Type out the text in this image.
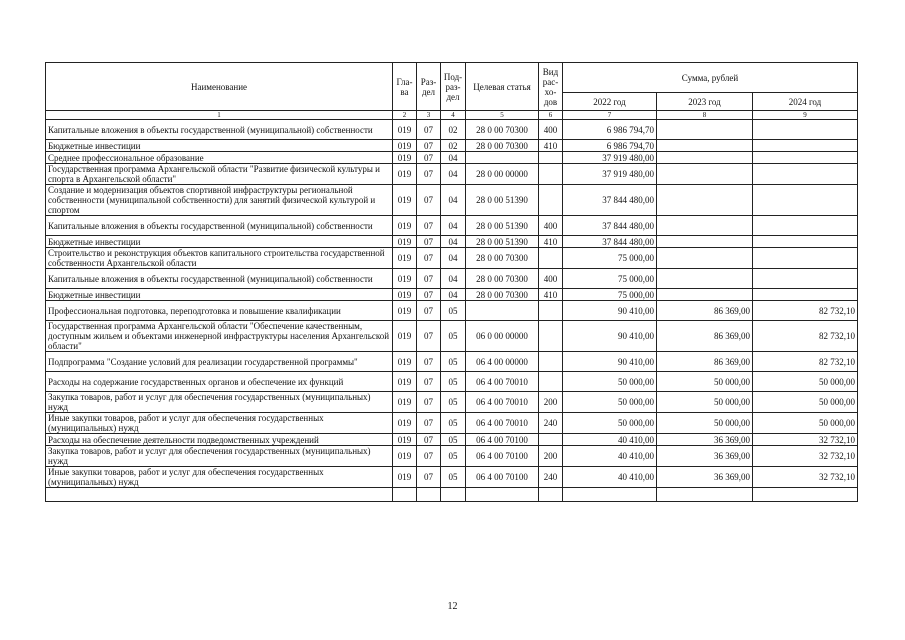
Наименование	Гла-ва	Раз-дел	Под-раз-дел	Целевая статья	Вид рас-хо-дов	Сумма, рублей		
						2022 год	2023 год	2024 год
1	2	3	4	5	6	7	8	9
Капитальные вложения в объекты государственной (муниципальной) собственности	019	07	02	28 0 00 70300	400	6 986 794,70		
Бюджетные инвестиции	019	07	02	28 0 00 70300	410	6 986 794,70		
Среднее профессиональное образование	019	07	04			37 919 480,00		
Государственная программа Архангельской области "Развитие физической культуры и спорта в Архангельской области"	019	07	04	28 0 00 00000		37 919 480,00		
Создание и модернизация объектов спортивной инфраструктуры региональной собственности (муниципальной собственности) для занятий физической культурой и спортом	019	07	04	28 0 00 51390		37 844 480,00		
Капитальные вложения в объекты государственной (муниципальной) собственности	019	07	04	28 0 00 51390	400	37 844 480,00		
Бюджетные инвестиции	019	07	04	28 0 00 51390	410	37 844 480,00		
Строительство и реконструкция объектов капитального строительства государственной собственности Архангельской области	019	07	04	28 0 00 70300		75 000,00		
Капитальные вложения в объекты государственной (муниципальной) собственности	019	07	04	28 0 00 70300	400	75 000,00		
Бюджетные инвестиции	019	07	04	28 0 00 70300	410	75 000,00		
Профессиональная подготовка, переподготовка и повышение квалификации	019	07	05			90 410,00	86 369,00	82 732,10
Государственная программа Архангельской области "Обеспечение качественным, доступным жильем и объектами инженерной инфраструктуры населения Архангельской области"	019	07	05	06 0 00 00000		90 410,00	86 369,00	82 732,10
Подпрограмма "Создание условий для реализации государственной программы"	019	07	05	06 4 00 00000		90 410,00	86 369,00	82 732,10
Расходы на содержание государственных органов и обеспечение их функций	019	07	05	06 4 00 70010		50 000,00	50 000,00	50 000,00
Закупка товаров, работ и услуг для обеспечения государственных (муниципальных) нужд	019	07	05	06 4 00 70010	200	50 000,00	50 000,00	50 000,00
Иные закупки товаров, работ и услуг для обеспечения государственных (муниципальных) нужд	019	07	05	06 4 00 70010	240	50 000,00	50 000,00	50 000,00
Расходы на обеспечение деятельности подведомственных учреждений	019	07	05	06 4 00 70100		40 410,00	36 369,00	32 732,10
Закупка товаров, работ и услуг для обеспечения государственных (муниципальных) нужд	019	07	05	06 4 00 70100	200	40 410,00	36 369,00	32 732,10
Иные закупки товаров, работ и услуг для обеспечения государственных (муниципальных) нужд	019	07	05	06 4 00 70100	240	40 410,00	36 369,00	32 732,10

12
